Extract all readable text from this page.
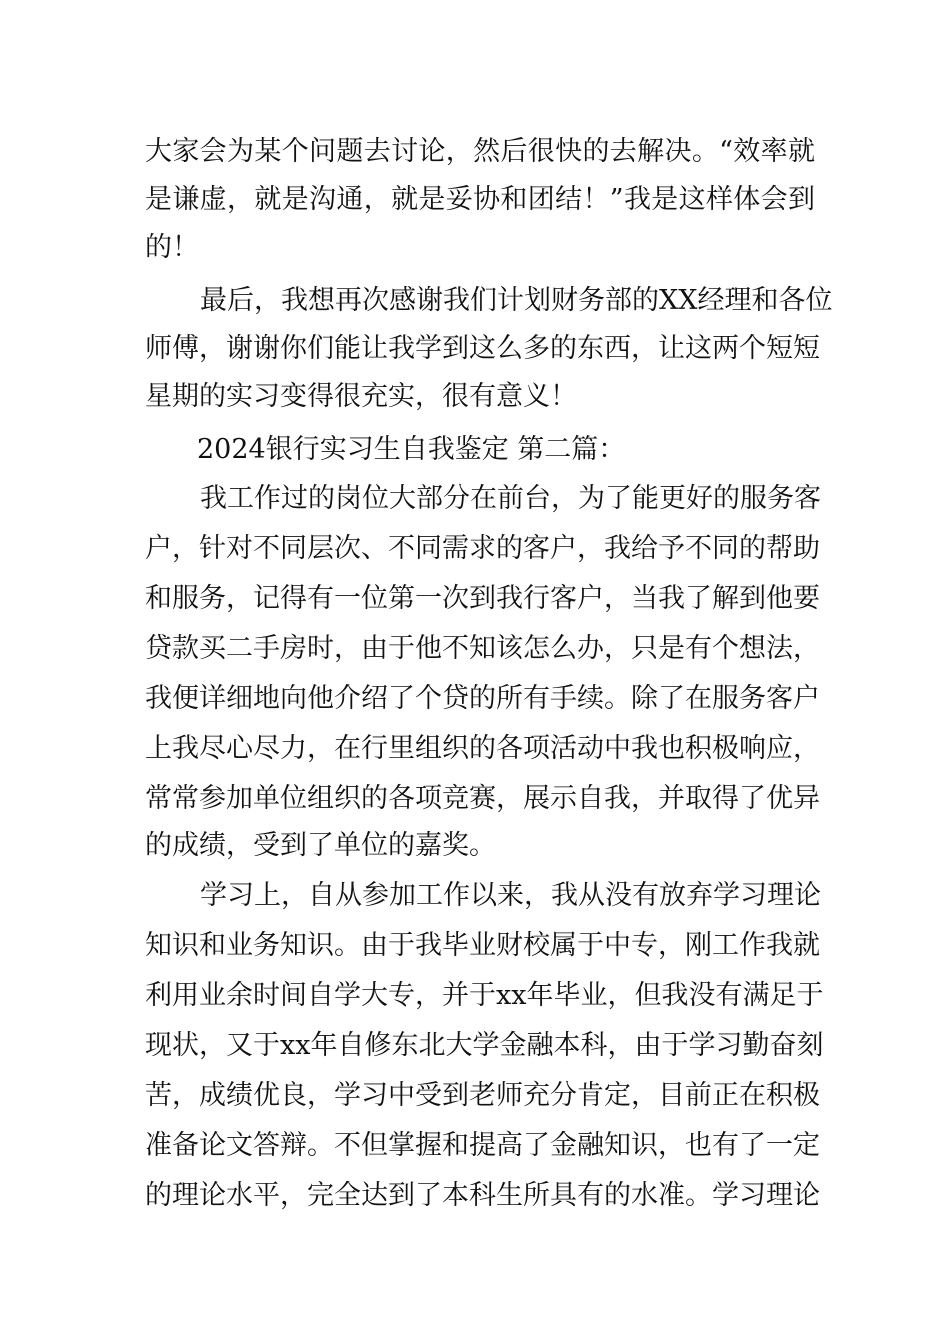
大家会为某个问题去讨论，然后很快的去解决。“效率就
是谦虚，就是沟通，就是妥协和团结！”我是这样体会到
的！
最后，我想再次感谢我们计划财务部的XX经理和各位
师傅，谢谢你们能让我学到这么多的东西，让这两个短短
星期的实习变得很充实，很有意义！
2024银行实习生自我鉴定 第二篇：
我工作过的岗位大部分在前台，为了能更好的服务客
户，针对不同层次、不同需求的客户，我给予不同的帮助
和服务，记得有一位第一次到我行客户，当我了解到他要
贷款买二手房时，由于他不知该怎么办，只是有个想法，
我便详细地向他介绍了个贷的所有手续。除了在服务客户
上我尽心尽力，在行里组织的各项活动中我也积极响应，
常常参加单位组织的各项竞赛，展示自我，并取得了优异
的成绩，受到了单位的嘉奖。
学习上，自从参加工作以来，我从没有放弃学习理论
知识和业务知识。由于我毕业财校属于中专，刚工作我就
利用业余时间自学大专，并于xx年毕业，但我没有满足于
现状，又于xx年自修东北大学金融本科，由于学习勤奋刻
苦，成绩优良，学习中受到老师充分肯定，目前正在积极
准备论文答辩。不但掌握和提高了金融知识，也有了一定
的理论水平，完全达到了本科生所具有的水准。学习理论
